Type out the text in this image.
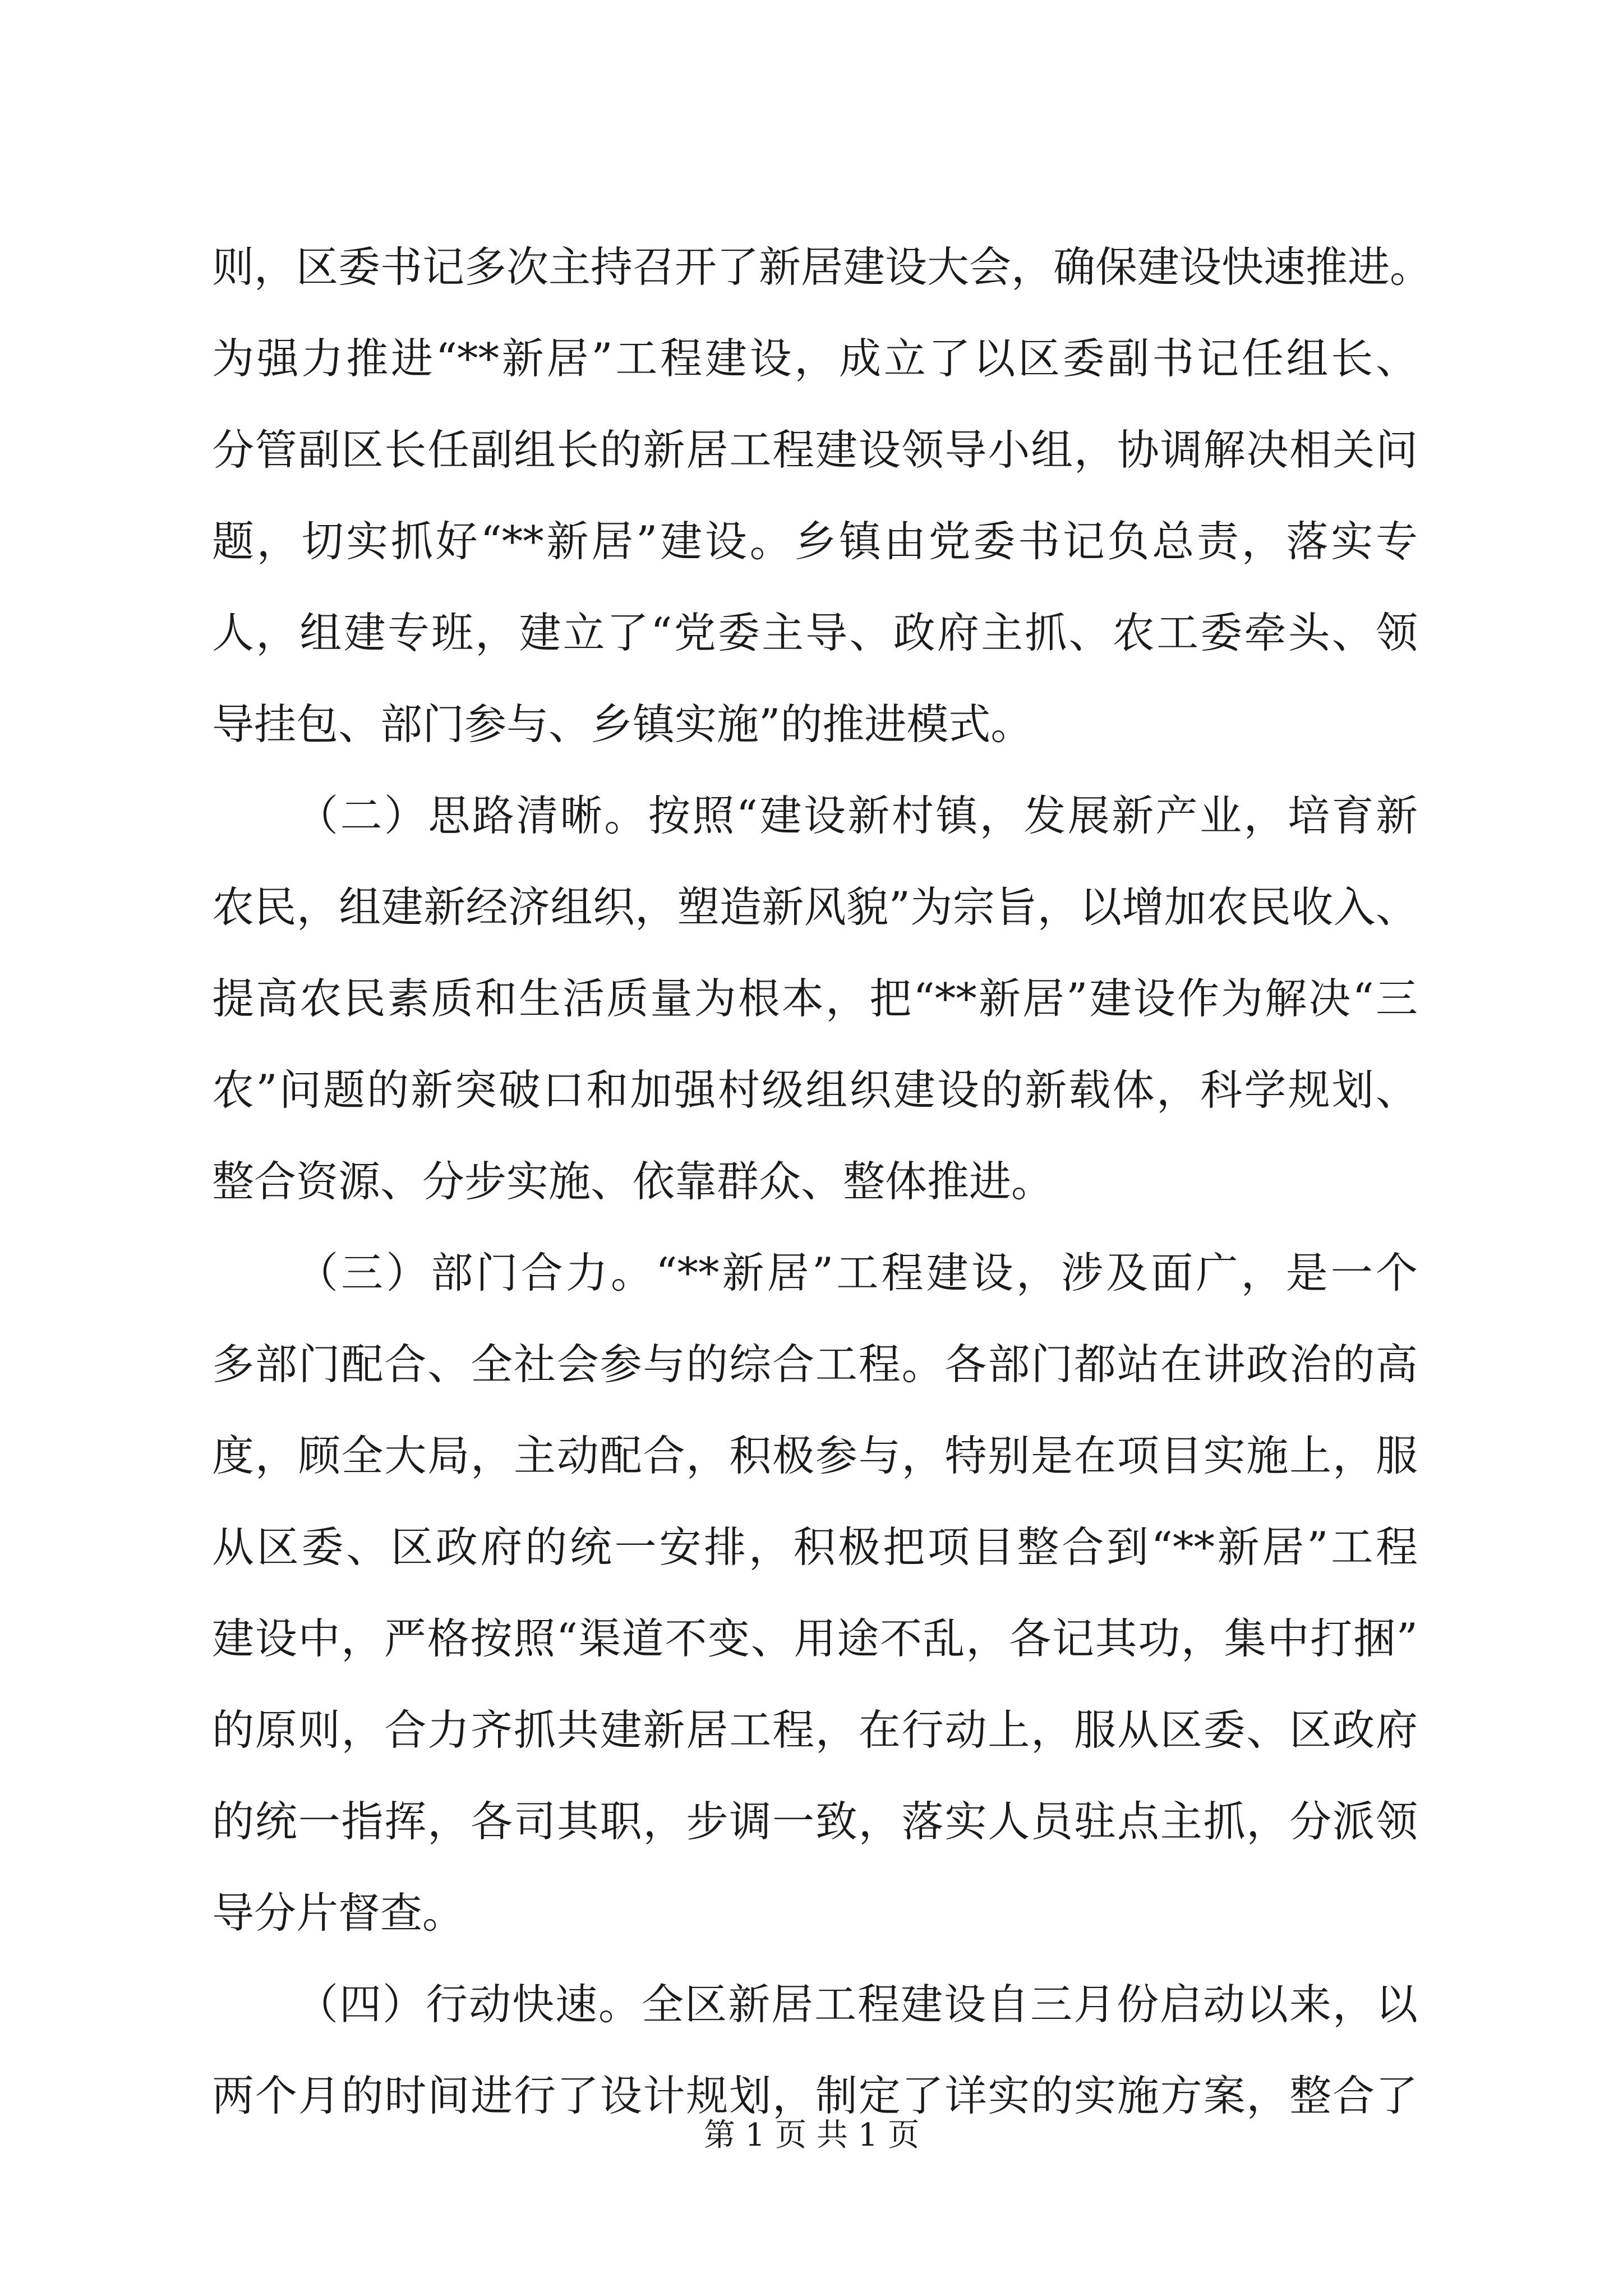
则，区委书记多次主持召开了新居建设大会，确保建设快速推进。
为强力推进“**新居”工程建设，成立了以区委副书记任组长、
分管副区长任副组长的新居工程建设领导小组，协调解决相关问
题，切实抓好“**新居”建设。乡镇由党委书记负总责，落实专
人，组建专班，建立了“党委主导、政府主抓、农工委牵头、领
导挂包、部门参与、乡镇实施”的推进模式。
（二）思路清晰。按照“建设新村镇，发展新产业，培育新
农民，组建新经济组织，塑造新风貌”为宗旨，以增加农民收入、
提高农民素质和生活质量为根本，把“**新居”建设作为解决“三
农”问题的新突破口和加强村级组织建设的新载体，科学规划、
整合资源、分步实施、依靠群众、整体推进。
（三）部门合力。“**新居”工程建设，涉及面广，是一个
多部门配合、全社会参与的综合工程。各部门都站在讲政治的高
度，顾全大局，主动配合，积极参与，特别是在项目实施上，服
从区委、区政府的统一安排，积极把项目整合到“**新居”工程
建设中，严格按照“渠道不变、用途不乱，各记其功，集中打捆”
的原则，合力齐抓共建新居工程，在行动上，服从区委、区政府
的统一指挥，各司其职，步调一致，落实人员驻点主抓，分派领
导分片督查。
（四）行动快速。全区新居工程建设自三月份启动以来，以
两个月的时间进行了设计规划，制定了详实的实施方案，整合了
第 1 页 共 1 页
